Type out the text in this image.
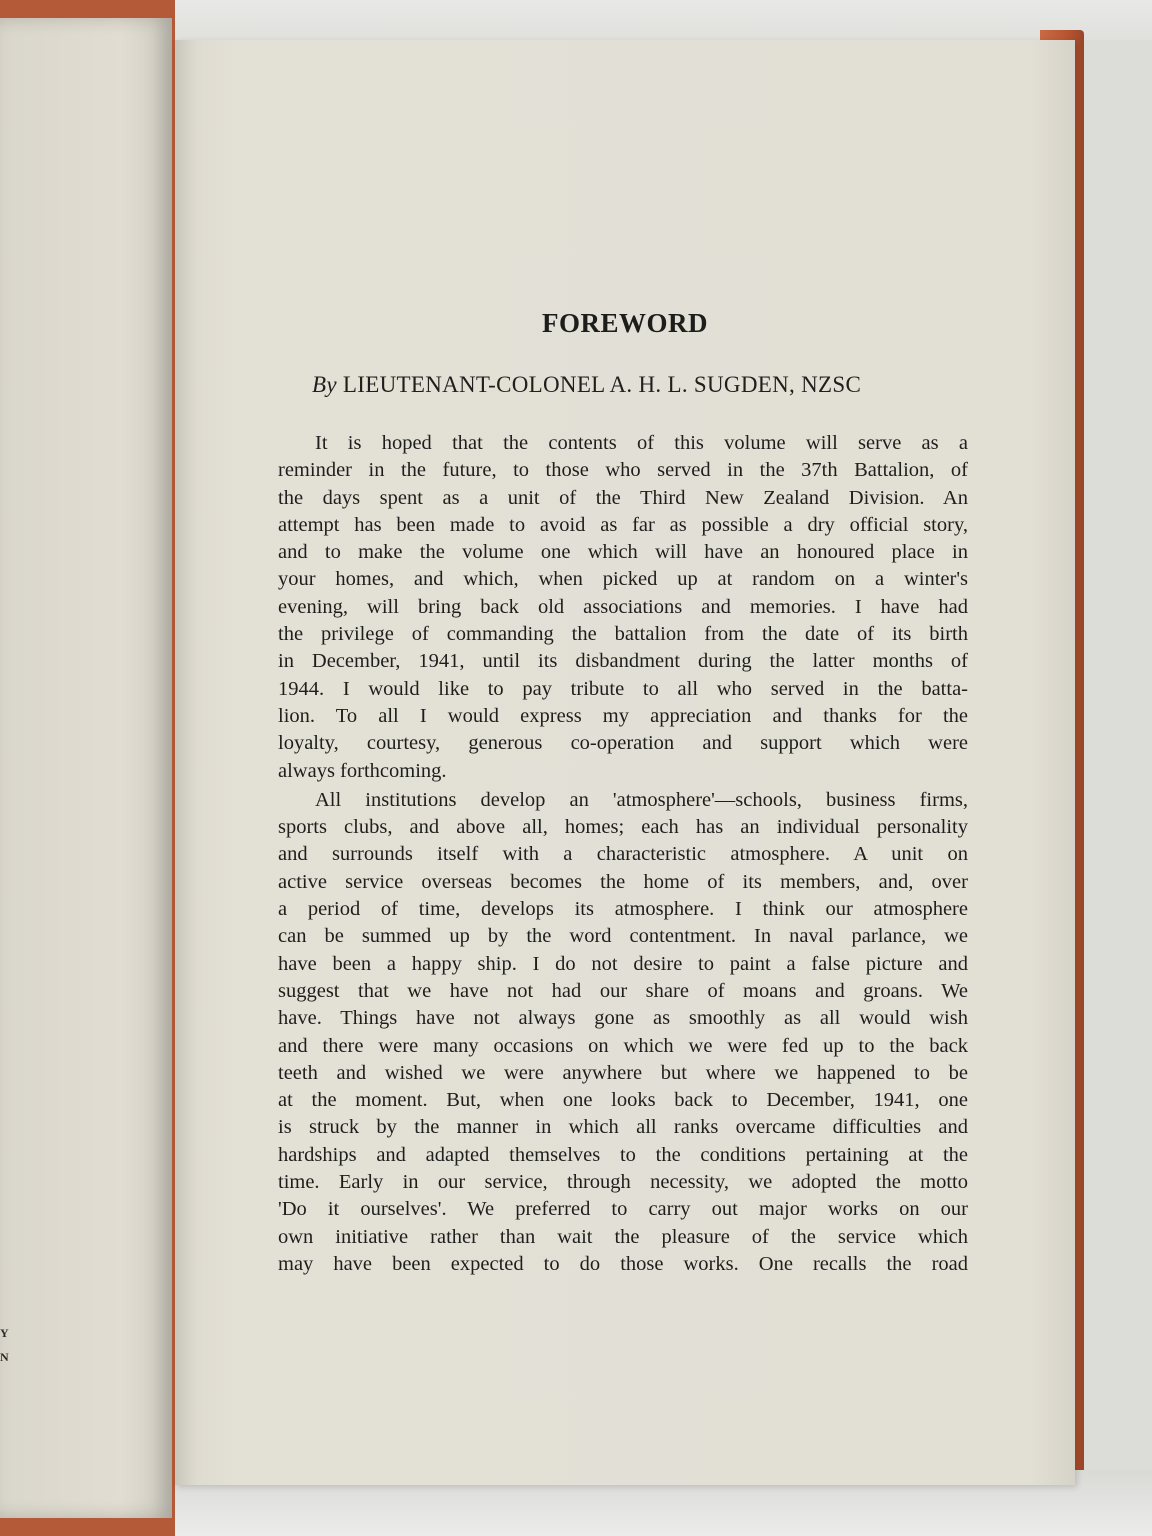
Y
N
FOREWORD
By LIEUTENANT-COLONEL A. H. L. SUGDEN, NZSC
It is hoped that the contents of this volume will serve as a
reminder in the future, to those who served in the 37th Battalion, of
the days spent as a unit of the Third New Zealand Division. An
attempt has been made to avoid as far as possible a dry official story,
and to make the volume one which will have an honoured place in
your homes, and which, when picked up at random on a winter's
evening, will bring back old associations and memories. I have had
the privilege of commanding the battalion from the date of its birth
in December, 1941, until its disbandment during the latter months of
1944. I would like to pay tribute to all who served in the batta-
lion. To all I would express my appreciation and thanks for the
loyalty, courtesy, generous co-operation and support which were
always forthcoming.
All institutions develop an 'atmosphere'—schools, business firms,
sports clubs, and above all, homes; each has an individual personality
and surrounds itself with a characteristic atmosphere. A unit on
active service overseas becomes the home of its members, and, over
a period of time, develops its atmosphere. I think our atmosphere
can be summed up by the word contentment. In naval parlance, we
have been a happy ship. I do not desire to paint a false picture and
suggest that we have not had our share of moans and groans. We
have. Things have not always gone as smoothly as all would wish
and there were many occasions on which we were fed up to the back
teeth and wished we were anywhere but where we happened to be
at the moment. But, when one looks back to December, 1941, one
is struck by the manner in which all ranks overcame difficulties and
hardships and adapted themselves to the conditions pertaining at the
time. Early in our service, through necessity, we adopted the motto
'Do it ourselves'. We preferred to carry out major works on our
own initiative rather than wait the pleasure of the service which
may have been expected to do those works. One recalls the road
